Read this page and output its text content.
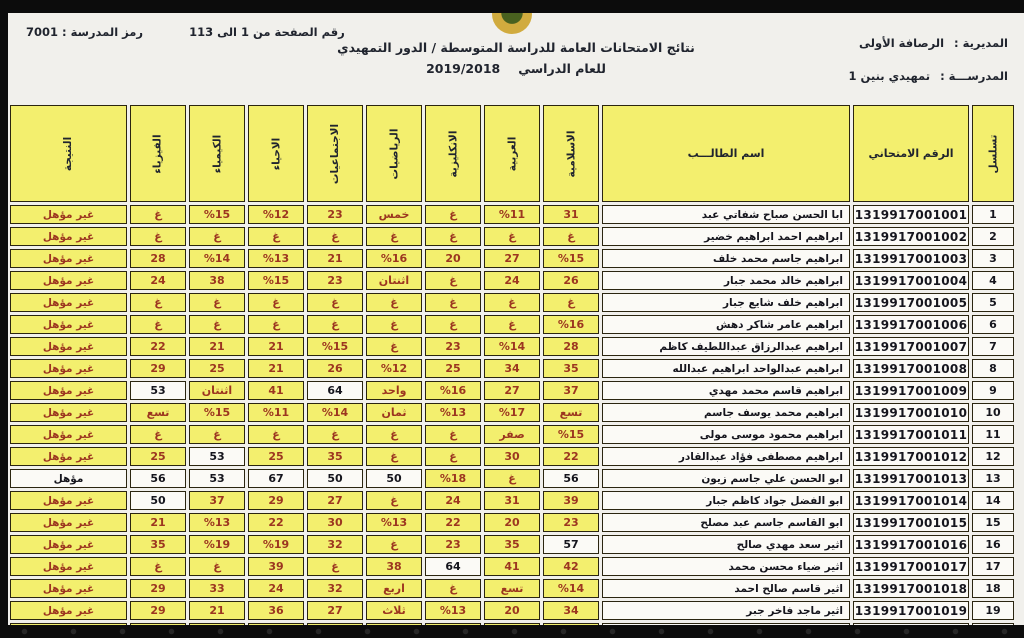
المديرية :الرصافة الأولى
المدرســـة :تمهيدي بنين 1
نتائج الامتحانات العامة للدراسة المتوسطة / الدور التمهيدي
للعام الدراسي2019/2018
رمز المدرسة : 7001	رقم الصفحة من 1 الى 113
تسلسل
الرقم الامتحاني
اسم الطالـــب
الاسلامية
العربية
الانكليزية
الرياضيات
الاجتماعيات
الاحياء
الكيمياء
الفيزياء
النتيجة
1
1319917001001
ابا الحسن صباح شفاتي عبد
31
%11
غ
خمس
23
%12
%15
غ
غير مؤهل
2
1319917001002
ابراهيم احمد ابراهيم خضير
غ
غ
غ
غ
غ
غ
غ
غ
غير مؤهل
3
1319917001003
ابراهيم جاسم محمد خلف
%15
27
20
%16
21
%13
%14
28
غير مؤهل
4
1319917001004
ابراهيم خالد محمد جبار
26
24
غ
اثنتان
23
%15
38
24
غير مؤهل
5
1319917001005
ابراهيم خلف شايع جبار
غ
غ
غ
غ
غ
غ
غ
غ
غير مؤهل
6
1319917001006
ابراهيم عامر شاكر دهش
%16
غ
غ
غ
غ
غ
غ
غ
غير مؤهل
7
1319917001007
ابراهيم عبدالرزاق عبداللطيف كاظم
28
%14
23
غ
%15
21
21
22
غير مؤهل
8
1319917001008
ابراهيم عبدالواحد ابراهيم عبدالله
35
34
25
%12
26
21
25
29
غير مؤهل
9
1319917001009
ابراهيم قاسم محمد مهدي
37
27
%16
واحد
64
41
اثنتان
53
غير مؤهل
10
1319917001010
ابراهيم محمد يوسف جاسم
تسع
%17
%13
ثمان
%14
%11
%15
تسع
غير مؤهل
11
1319917001011
ابراهيم محمود موسى مولى
%15
صفر
غ
غ
غ
غ
غ
غ
غير مؤهل
12
1319917001012
ابراهيم مصطفى فؤاد عبدالقادر
22
30
غ
غ
35
25
53
25
غير مؤهل
13
1319917001013
ابو الحسن علي جاسم زيون
56
غ
%18
50
50
67
53
56
مؤهل
14
1319917001014
ابو الفضل جواد كاظم جبار
39
31
24
غ
27
29
37
50
غير مؤهل
15
1319917001015
ابو القاسم جاسم عبد مصلح
23
20
22
%13
30
22
%13
21
غير مؤهل
16
1319917001016
اثير سعد مهدي صالح
57
35
23
غ
32
%19
%19
35
غير مؤهل
17
1319917001017
اثير ضياء محسن محمد
42
41
64
38
غ
39
غ
غ
غير مؤهل
18
1319917001018
اثير قاسم صالح احمد
%14
تسع
غ
اربع
32
24
33
29
غير مؤهل
19
1319917001019
اثير ماجد فاخر جبر
34
20
%13
ثلاث
27
36
21
29
غير مؤهل
